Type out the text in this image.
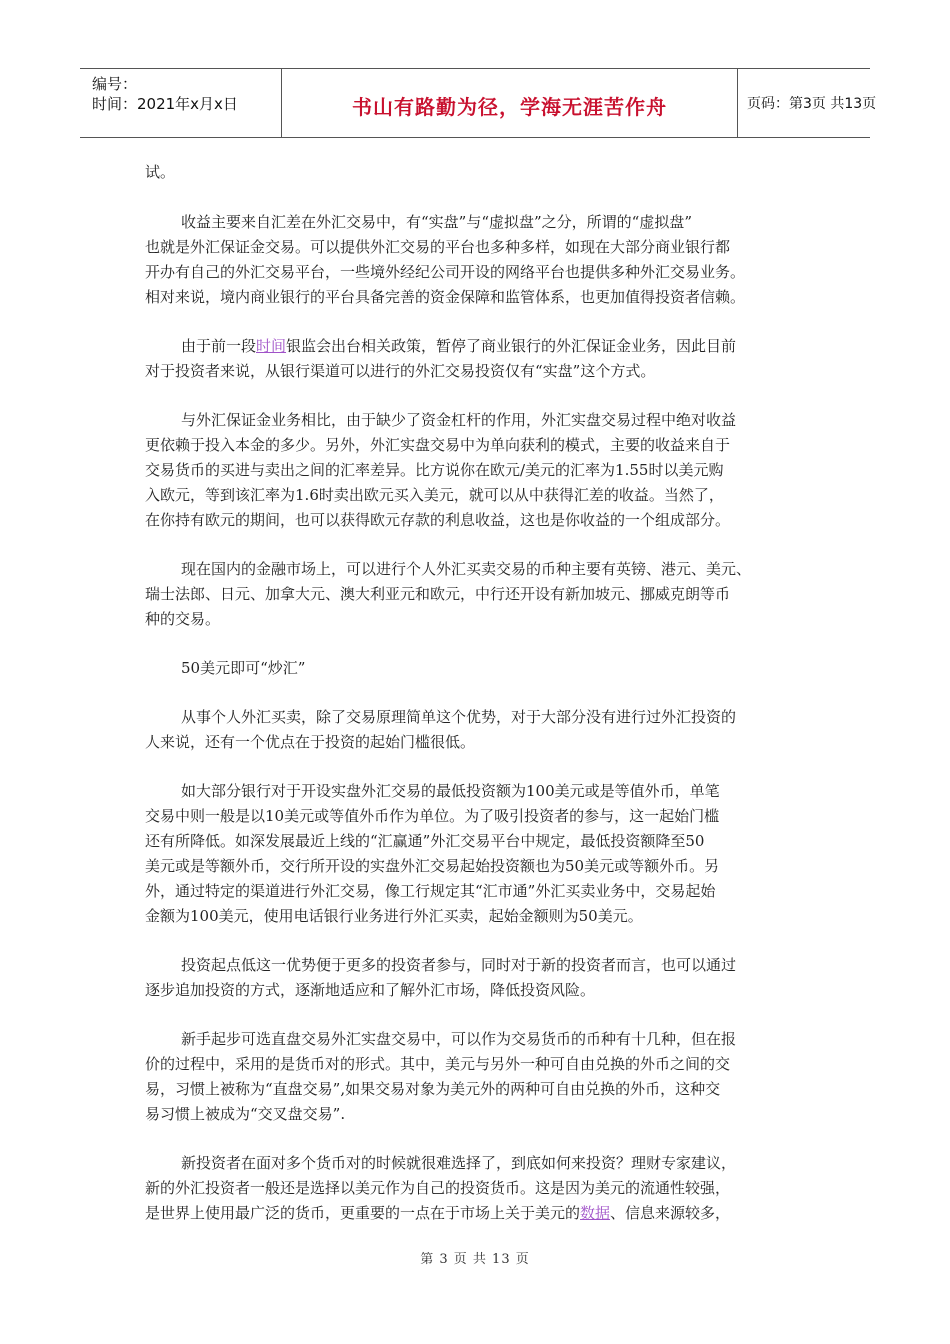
编号：
时间：2021年x月x日	书山有路勤为径，学海无涯苦作舟	页码：第3页 共13页
试。
收益主要来自汇差在外汇交易中，有“实盘”与“虚拟盘”之分，所谓的“虚拟盘”
也就是外汇保证金交易。可以提供外汇交易的平台也多种多样，如现在大部分商业银行都
开办有自己的外汇交易平台，一些境外经纪公司开设的网络平台也提供多种外汇交易业务。
相对来说，境内商业银行的平台具备完善的资金保障和监管体系，也更加值得投资者信赖。
由于前一段时间银监会出台相关政策，暂停了商业银行的外汇保证金业务，因此目前
对于投资者来说，从银行渠道可以进行的外汇交易投资仅有“实盘”这个方式。
与外汇保证金业务相比，由于缺少了资金杠杆的作用，外汇实盘交易过程中绝对收益
更依赖于投入本金的多少。另外，外汇实盘交易中为单向获利的模式，主要的收益来自于
交易货币的买进与卖出之间的汇率差异。比方说你在欧元/美元的汇率为1.55时以美元购
入欧元，等到该汇率为1.6时卖出欧元买入美元，就可以从中获得汇差的收益。当然了，
在你持有欧元的期间，也可以获得欧元存款的利息收益，这也是你收益的一个组成部分。
现在国内的金融市场上，可以进行个人外汇买卖交易的币种主要有英镑、港元、美元、
瑞士法郎、日元、加拿大元、澳大利亚元和欧元，中行还开设有新加坡元、挪威克朗等币
种的交易。
50美元即可“炒汇”
从事个人外汇买卖，除了交易原理简单这个优势，对于大部分没有进行过外汇投资的
人来说，还有一个优点在于投资的起始门槛很低。
如大部分银行对于开设实盘外汇交易的最低投资额为100美元或是等值外币，单笔
交易中则一般是以10美元或等值外币作为单位。为了吸引投资者的参与，这一起始门槛
还有所降低。如深发展最近上线的“汇赢通”外汇交易平台中规定，最低投资额降至50
美元或是等额外币，交行所开设的实盘外汇交易起始投资额也为50美元或等额外币。另
外，通过特定的渠道进行外汇交易，像工行规定其“汇市通”外汇买卖业务中，交易起始
金额为100美元，使用电话银行业务进行外汇买卖，起始金额则为50美元。
投资起点低这一优势便于更多的投资者参与，同时对于新的投资者而言，也可以通过
逐步追加投资的方式，逐渐地适应和了解外汇市场，降低投资风险。
新手起步可选直盘交易外汇实盘交易中，可以作为交易货币的币种有十几种，但在报
价的过程中，采用的是货币对的形式。其中，美元与另外一种可自由兑换的外币之间的交
易，习惯上被称为“直盘交易”,如果交易对象为美元外的两种可自由兑换的外币，这种交
易习惯上被成为“交叉盘交易”.
新投资者在面对多个货币对的时候就很难选择了，到底如何来投资？理财专家建议，
新的外汇投资者一般还是选择以美元作为自己的投资货币。这是因为美元的流通性较强，
是世界上使用最广泛的货币，更重要的一点在于市场上关于美元的数据、信息来源较多，
第 3 页 共 13 页
